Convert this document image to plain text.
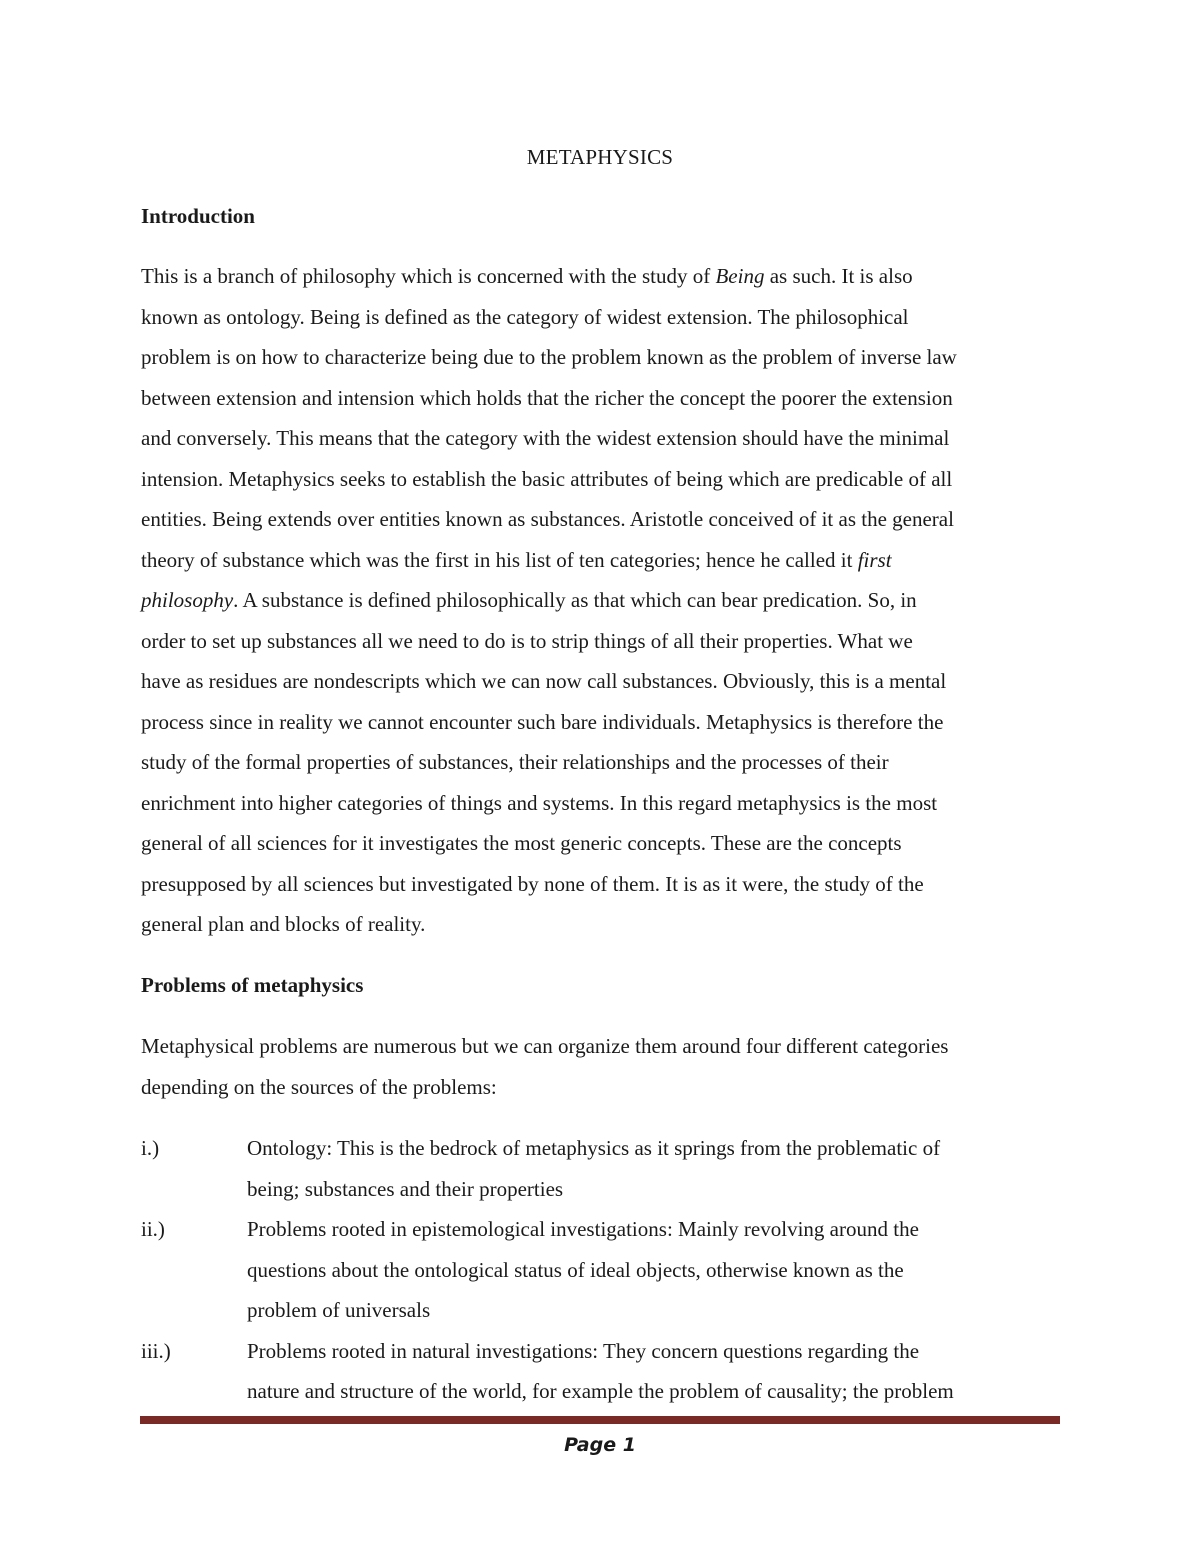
METAPHYSICS
Introduction
This is a branch of philosophy which is concerned with the study of Being as such. It is also
known as ontology. Being is defined as the category of widest extension. The philosophical
problem is on how to characterize being due to the problem known as the problem of inverse law
between extension and intension which holds that the richer the concept the poorer the extension
and conversely. This means that the category with the widest extension should have the minimal
intension. Metaphysics seeks to establish the basic attributes of being which are predicable of all
entities. Being extends over entities known as substances. Aristotle conceived of it as the general
theory of substance which was the first in his list of ten categories; hence he called it first
philosophy. A substance is defined philosophically as that which can bear predication. So, in
order to set up substances all we need to do is to strip things of all their properties. What we
have as residues are nondescripts which we can now call substances. Obviously, this is a mental
process since in reality we cannot encounter such bare individuals. Metaphysics is therefore the
study of the formal properties of substances, their relationships and the processes of their
enrichment into higher categories of things and systems. In this regard metaphysics is the most
general of all sciences for it investigates the most generic concepts. These are the concepts
presupposed by all sciences but investigated by none of them. It is as it were, the study of the
general plan and blocks of reality.
Problems of metaphysics
Metaphysical problems are numerous but we can organize them around four different categories
depending on the sources of the problems:
i.)	Ontology: This is the bedrock of metaphysics as it springs from the problematic of
being; substances and their properties
ii.)	Problems rooted in epistemological investigations: Mainly revolving around the
questions about the ontological status of ideal objects, otherwise known as the
problem of universals
iii.)	Problems rooted in natural investigations: They concern questions regarding the
nature and structure of the world, for example the problem of causality; the problem
Page 1
